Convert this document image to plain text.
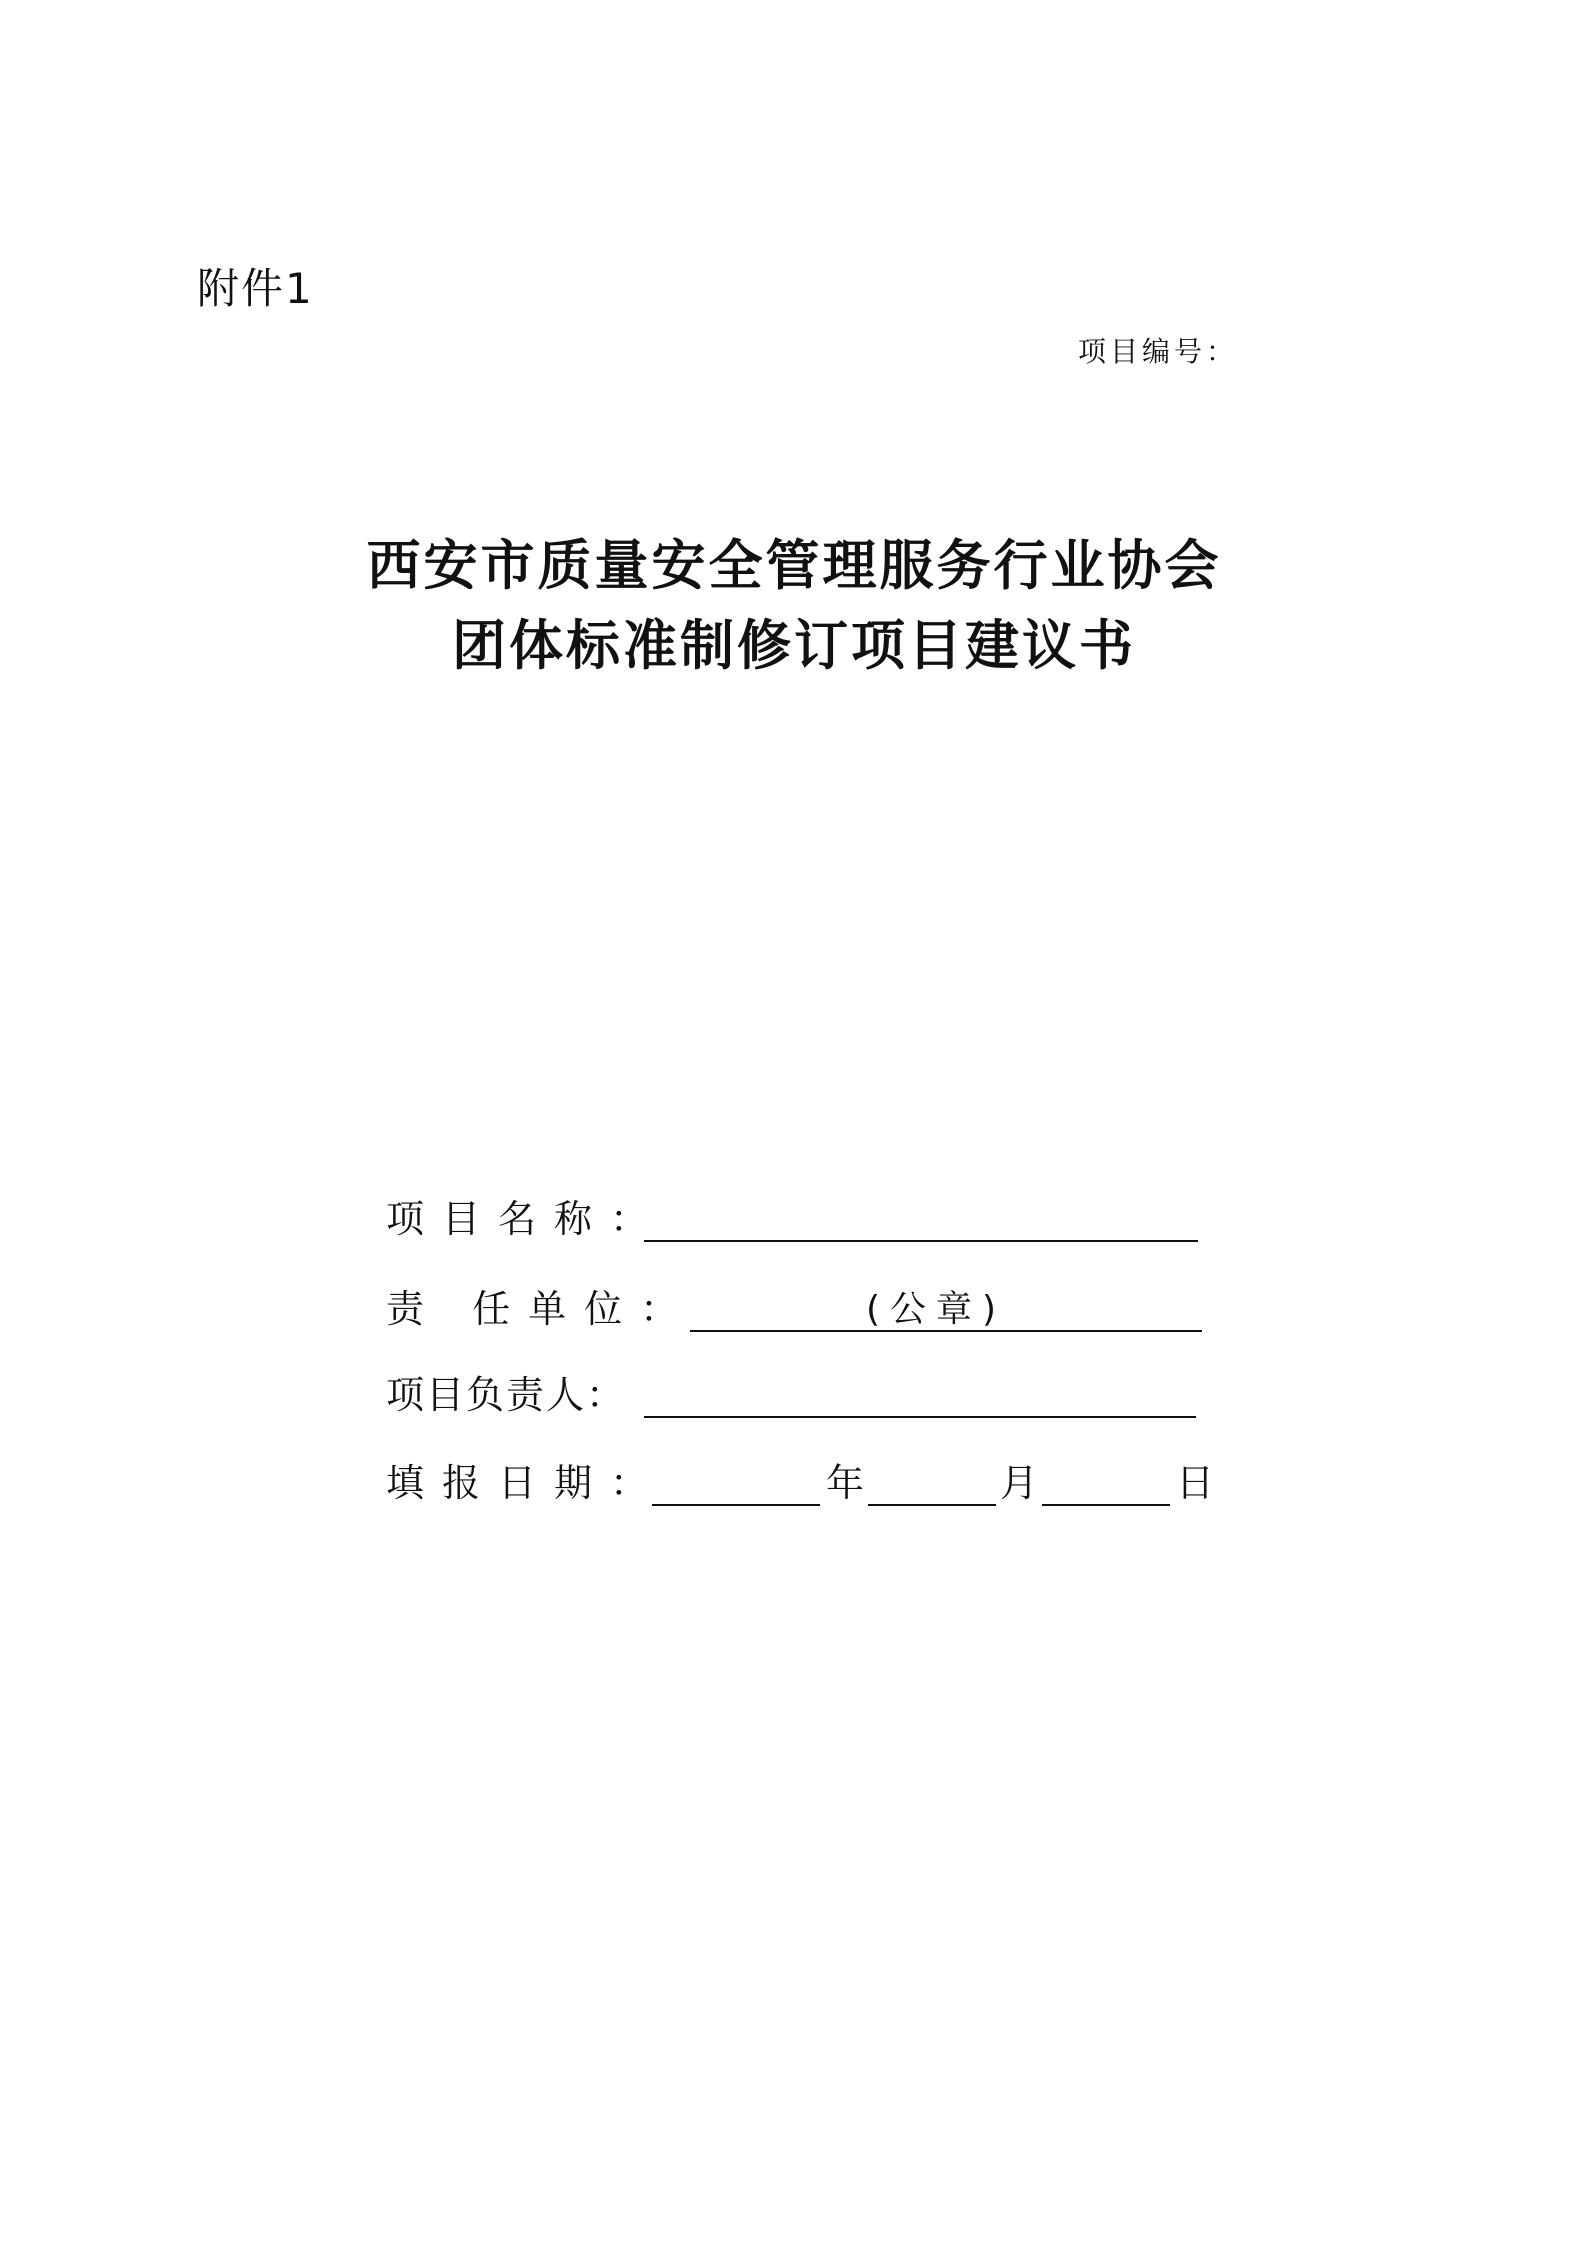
附件1
项目编号：
西安市质量安全管理服务行业协会
团体标准制修订项目建议书
项目名称：
责 任单位：	(公章)
项目负责人：
填报日期：	年	月	日
